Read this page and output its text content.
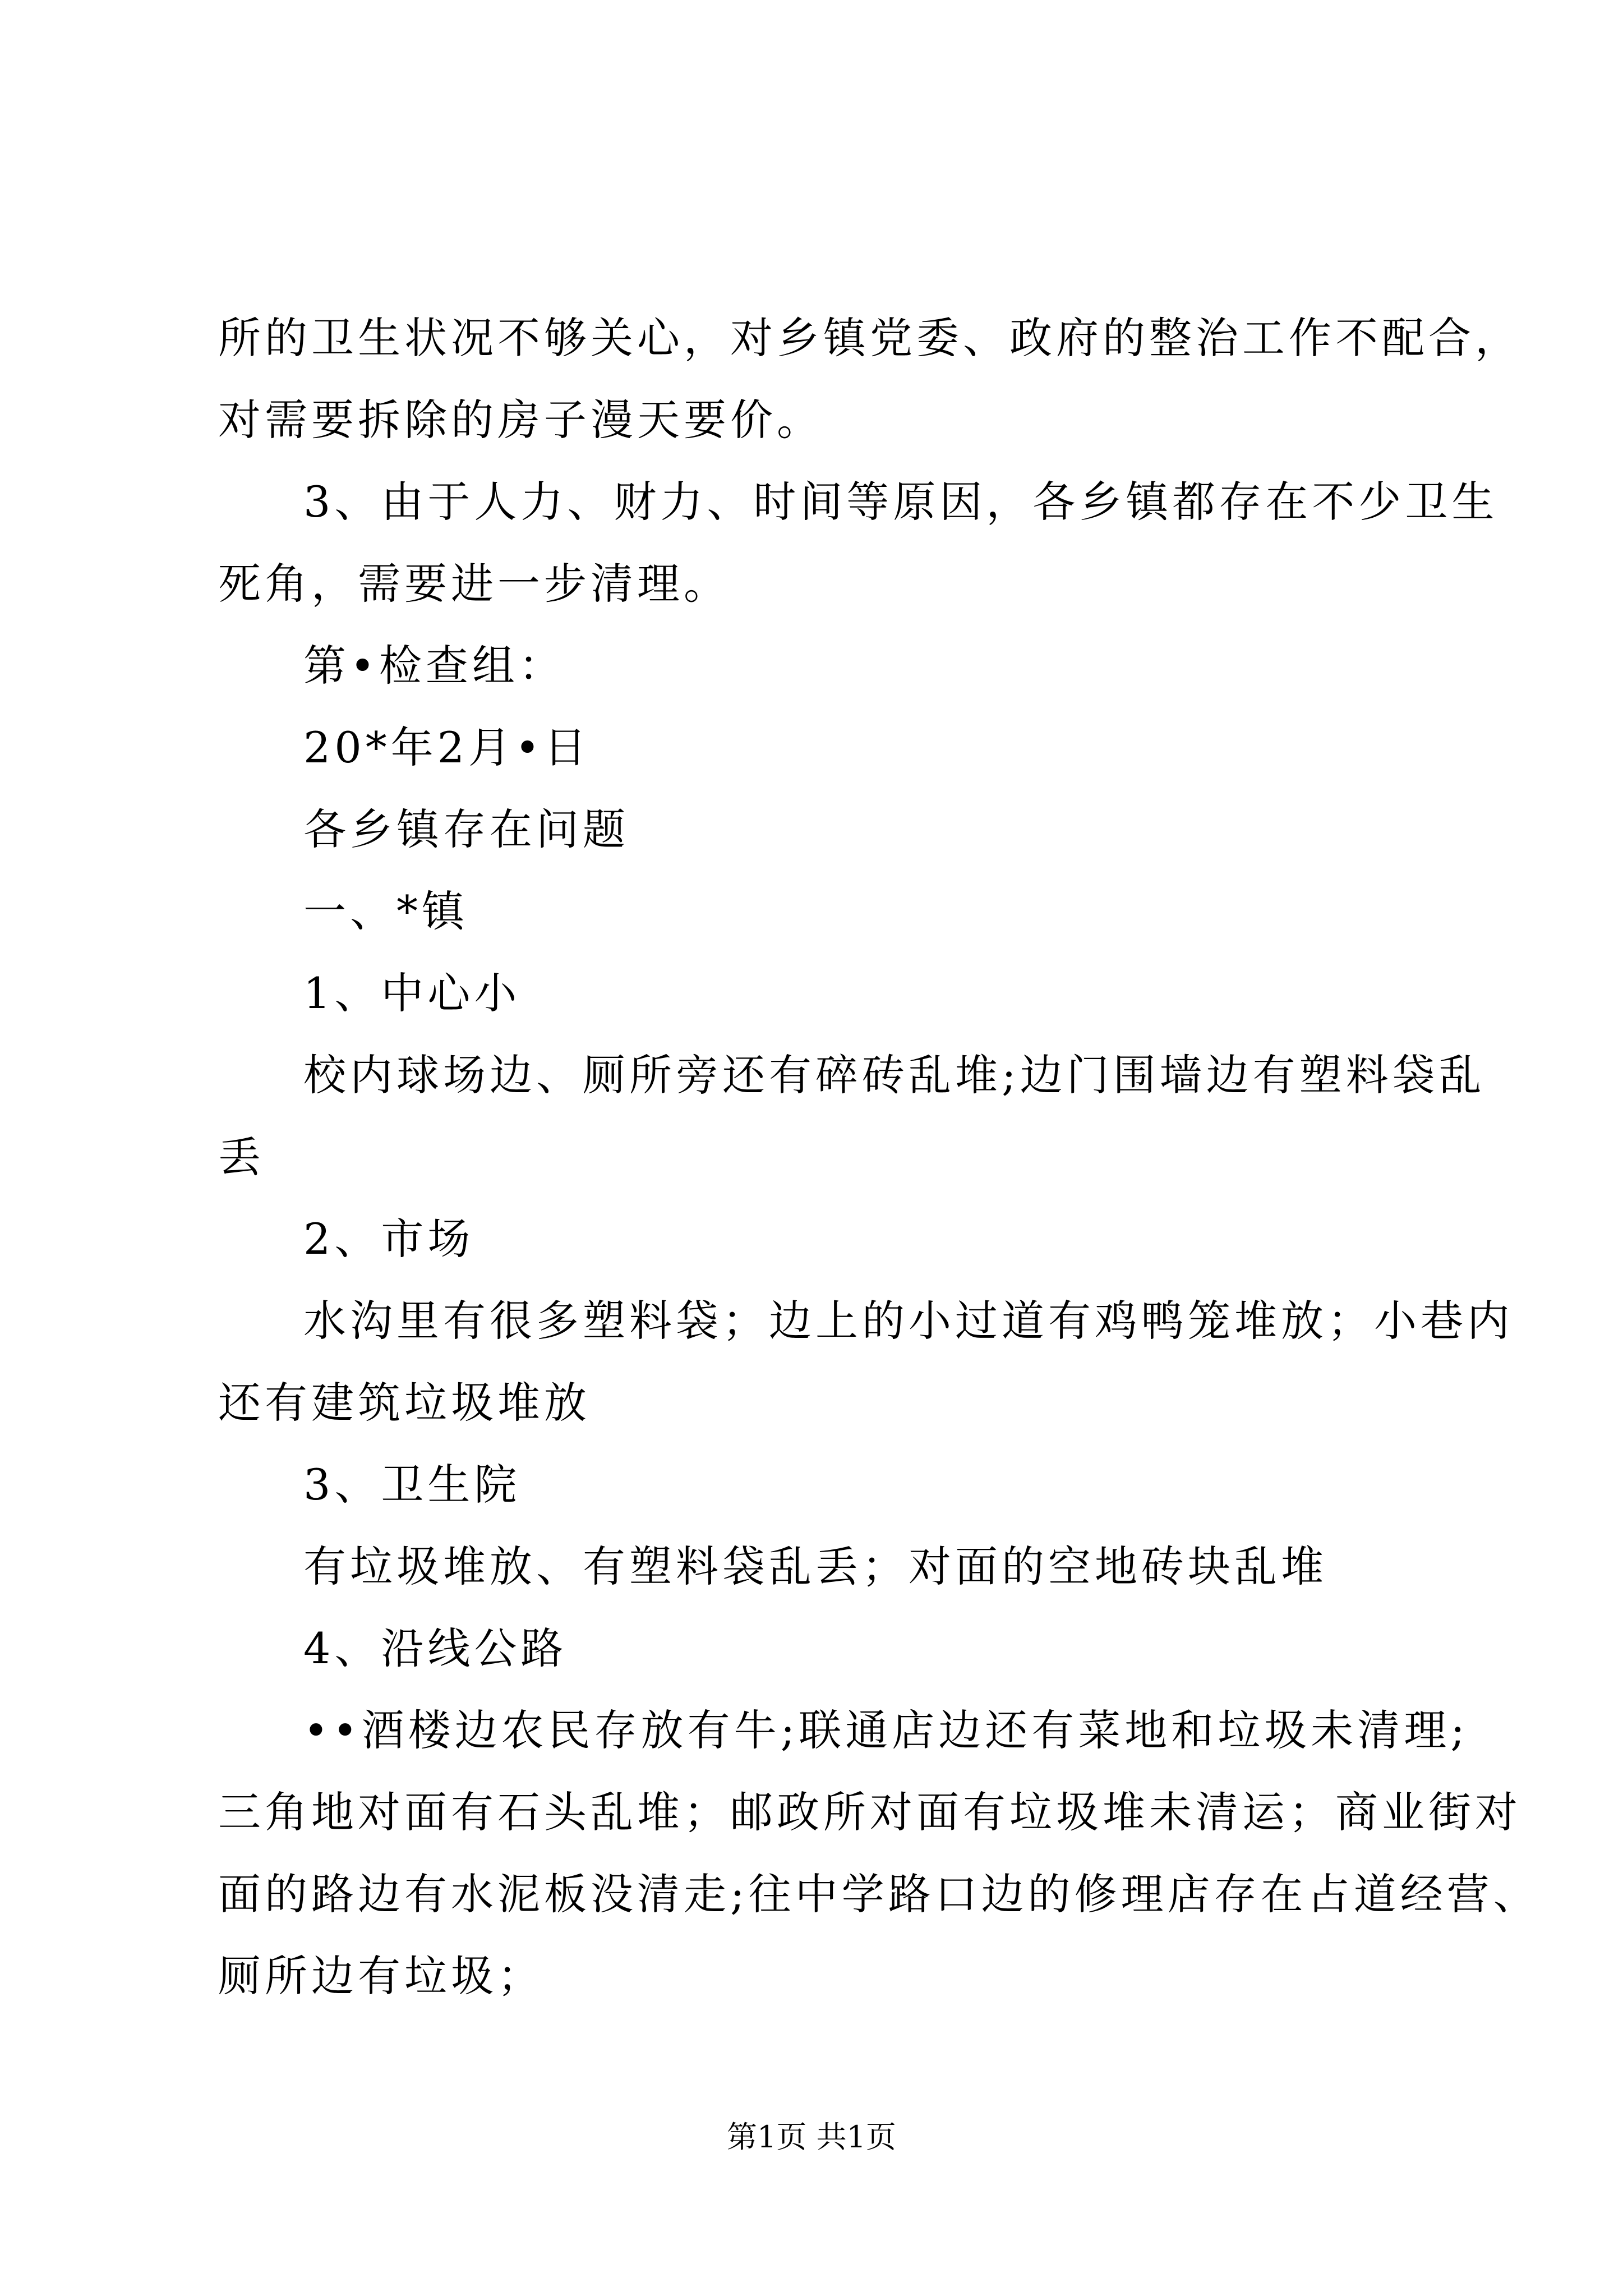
所的卫生状况不够关心，对乡镇党委、政府的整治工作不配合，

对需要拆除的房子漫天要价。

3、由于人力、财力、时间等原因，各乡镇都存在不少卫生

死角，需要进一步清理。

第•检查组：

20*年2月•日

各乡镇存在问题

一、*镇

1、中心小

校内球场边、厕所旁还有碎砖乱堆;边门围墙边有塑料袋乱

丢

2、市场

水沟里有很多塑料袋；边上的小过道有鸡鸭笼堆放；小巷内

还有建筑垃圾堆放

3、卫生院

有垃圾堆放、有塑料袋乱丢；对面的空地砖块乱堆

4、沿线公路

••酒楼边农民存放有牛;联通店边还有菜地和垃圾未清理;

三角地对面有石头乱堆；邮政所对面有垃圾堆未清运；商业街对

面的路边有水泥板没清走;往中学路口边的修理店存在占道经营、

厕所边有垃圾；

第1页 共1页
